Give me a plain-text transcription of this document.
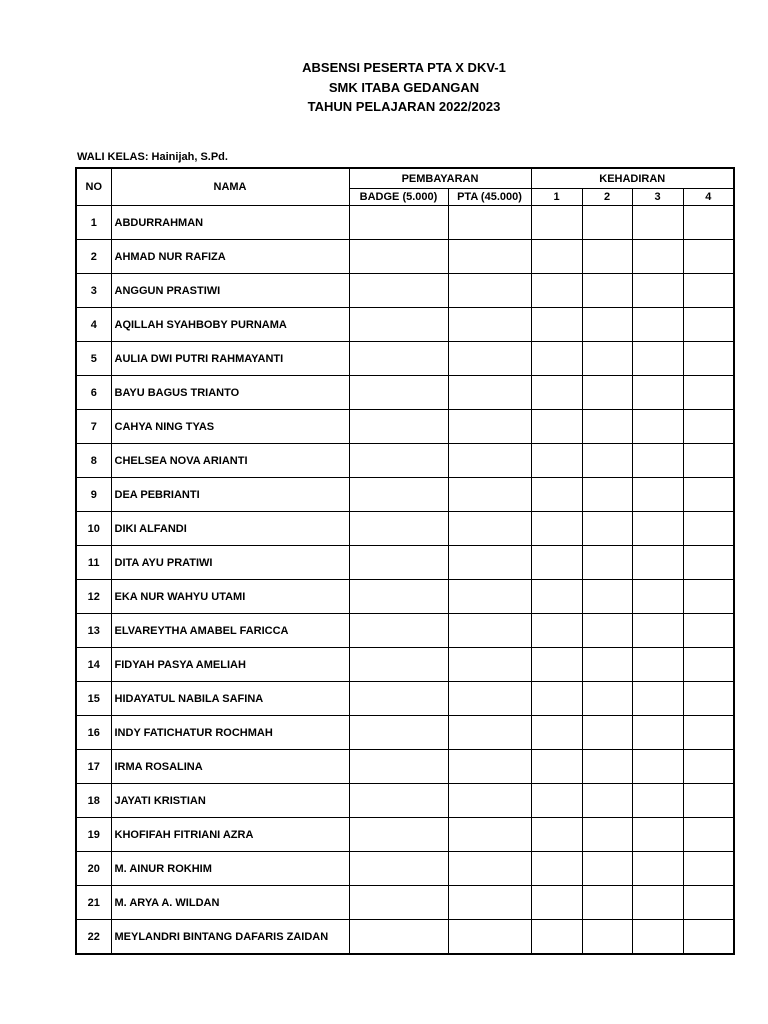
ABSENSI PESERTA PTA X DKV-1
SMK ITABA GEDANGAN
TAHUN PELAJARAN 2022/2023
WALI KELAS: Hainijah, S.Pd.
NO	NAMA	PEMBAYARAN		KEHADIRAN			
		BADGE (5.000)	PTA (45.000)	1	2	3	4
1	ABDURRAHMAN						
2	AHMAD NUR RAFIZA						
3	ANGGUN PRASTIWI						
4	AQILLAH SYAHBOBY PURNAMA						
5	AULIA DWI PUTRI RAHMAYANTI						
6	BAYU BAGUS TRIANTO						
7	CAHYA NING TYAS						
8	CHELSEA NOVA ARIANTI						
9	DEA PEBRIANTI						
10	DIKI ALFANDI						
11	DITA AYU PRATIWI						
12	EKA NUR WAHYU UTAMI						
13	ELVAREYTHA AMABEL FARICCA						
14	FIDYAH PASYA AMELIAH						
15	HIDAYATUL NABILA SAFINA						
16	INDY FATICHATUR ROCHMAH						
17	IRMA ROSALINA						
18	JAYATI KRISTIAN						
19	KHOFIFAH FITRIANI AZRA						
20	M. AINUR ROKHIM						
21	M. ARYA A. WILDAN						
22	MEYLANDRI BINTANG DAFARIS ZAIDAN						
